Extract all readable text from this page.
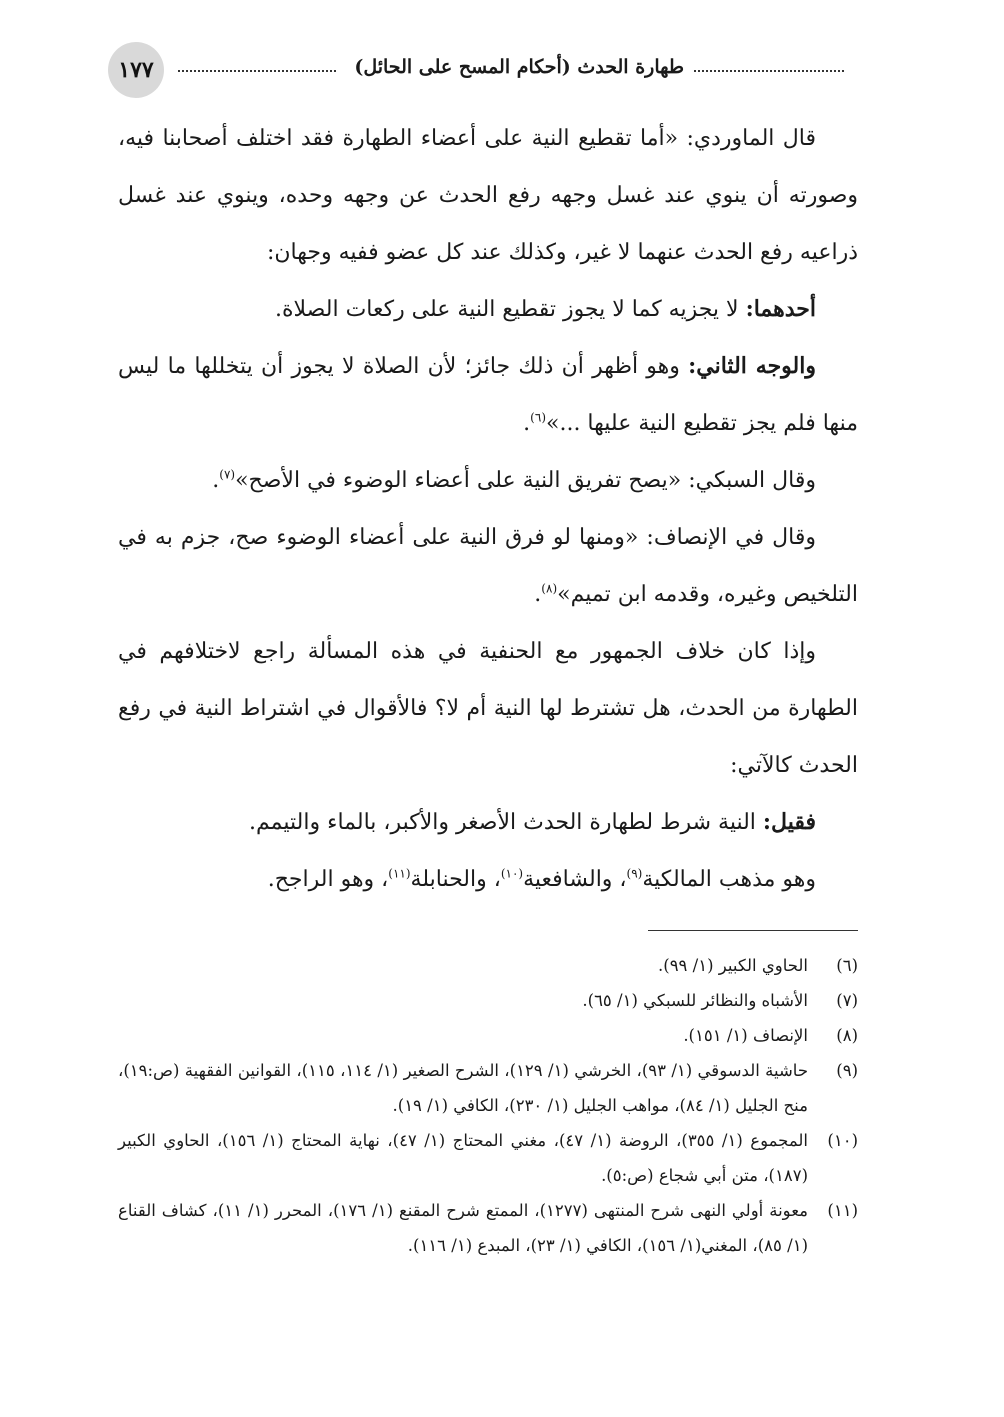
١٧٧	طهارة الحدث (أحكام المسح على الحائل)

قال الماوردي: «أما تقطيع النية على أعضاء الطهارة فقد اختلف أصحابنا فيه، وصورته أن ينوي عند غسل وجهه رفع الحدث عن وجهه وحده، وينوي عند غسل ذراعيه رفع الحدث عنهما لا غير، وكذلك عند كل عضو ففيه وجهان:

أحدهما: لا يجزيه كما لا يجوز تقطيع النية على ركعات الصلاة.

والوجه الثاني: وهو أظهر أن ذلك جائز؛ لأن الصلاة لا يجوز أن يتخللها ما ليس منها فلم يجز تقطيع النية عليها ...»$^{(٦)}$.

وقال السبكي: «يصح تفريق النية على أعضاء الوضوء في الأصح»$^{(٧)}$.

وقال في الإنصاف: «ومنها لو فرق النية على أعضاء الوضوء صح، جزم به في التلخيص وغيره، وقدمه ابن تميم»$^{(٨)}$.

وإذا كان خلاف الجمهور مع الحنفية في هذه المسألة راجع لاختلافهم في الطهارة من الحدث، هل تشترط لها النية أم لا؟ فالأقوال في اشتراط النية في رفع الحدث كالآتي:

فقيل: النية شرط لطهارة الحدث الأصغر والأكبر، بالماء والتيمم.

وهو مذهب المالكية$^{(٩)}$، والشافعية$^{(١٠)}$، والحنابلة$^{(١١)}$، وهو الراجح.

(٦)
الحاوي الكبير (١/ ٩٩).

(٧)
الأشباه والنظائر للسبكي (١/ ٦٥).

(٨)
الإنصاف (١/ ١٥١).

(٩)
حاشية الدسوقي (١/ ٩٣)، الخرشي (١/ ١٢٩)، الشرح الصغير (١/ ١١٤، ١١٥)، القوانين الفقهية (ص:١٩)، منح الجليل (١/ ٨٤)، مواهب الجليل (١/ ٢٣٠)، الكافي (١/ ١٩).

(١٠)
المجموع (١/ ٣٥٥)، الروضة (١/ ٤٧)، مغني المحتاج (١/ ٤٧)، نهاية المحتاج (١/ ١٥٦)، الحاوي الكبير (١٨٧)، متن أبي شجاع (ص:٥).

(١١)
معونة أولي النهى شرح المنتهى (١٢٧٧)، الممتع شرح المقنع (١/ ١٧٦)، المحرر (١/ ١١)، كشاف القناع (١/ ٨٥)، المغني(١/ ١٥٦)، الكافي (١/ ٢٣)، المبدع (١/ ١١٦).
